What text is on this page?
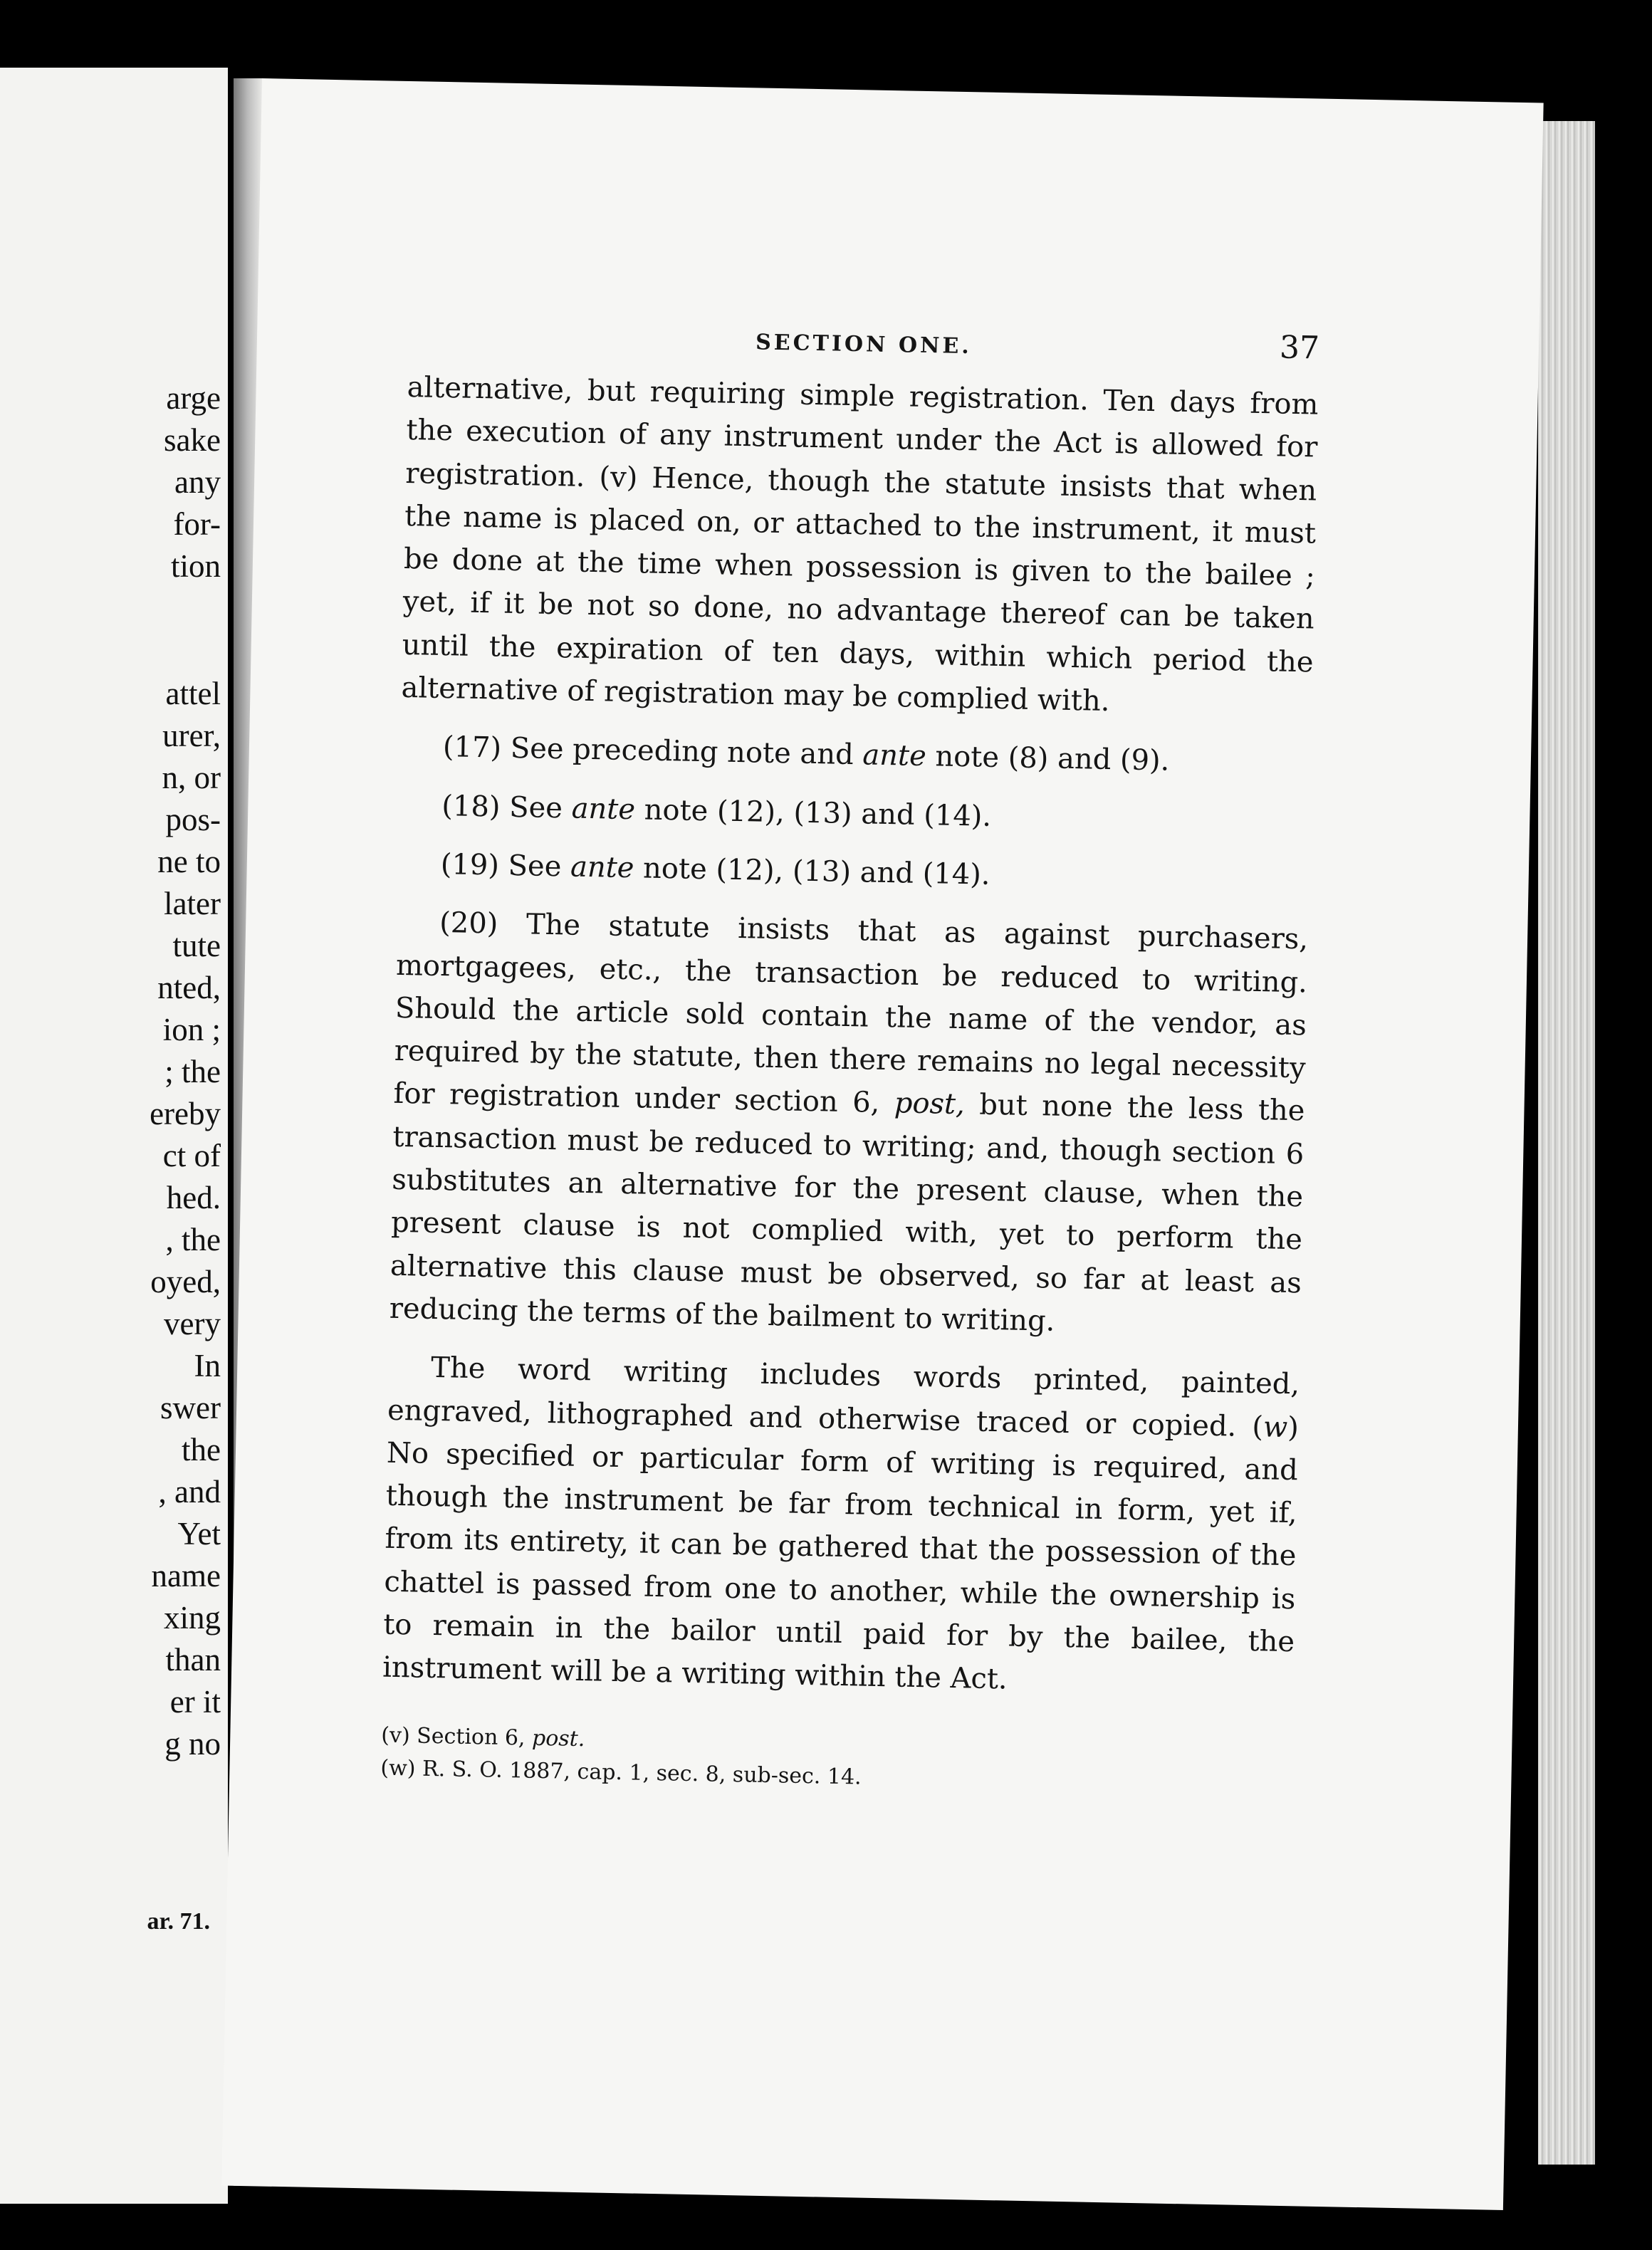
arge
sake
any
for-
tion
attel
urer,
n, or
pos-
ne to
later
tute
nted,
ion ;
; the
ereby
ct of
hed.
, the
oyed,
very
In
swer
the
, and
Yet
name
xing
than
er it
g no
ar. 71.
SECTION ONE.	37

alternative, but requiring simple registration. Ten days from the execution of any instrument under the Act is allowed for registration. (v) Hence, though the statute insists that when the name is placed on, or attached to the instrument, it must be done at the time when possession is given to the bailee ; yet, if it be not so done, no advantage thereof can be taken until the expiration of ten days, within which period the alternative of registration may be complied with.

(17) See preceding note and ante note (8) and (9).

(18) See ante note (12), (13) and (14).

(19) See ante note (12), (13) and (14).

(20) The statute insists that as against purchasers, mortgagees, etc., the transaction be reduced to writing. Should the article sold contain the name of the vendor, as required by the statute, then there remains no legal necessity for registration under section 6, post, but none the less the transaction must be reduced to writing; and, though section 6 substitutes an alternative for the present clause, when the present clause is not complied with, yet to perform the alternative this clause must be observed, so far at least as reducing the terms of the bailment to writing.

The word writing includes words printed, painted, engraved, lithographed and otherwise traced or copied. (w) No specified or particular form of writing is required, and though the instrument be far from technical in form, yet if, from its entirety, it can be gathered that the possession of the chattel is passed from one to another, while the ownership is to remain in the bailor until paid for by the bailee, the instrument will be a writing within the Act.

(v) Section 6, post.

(w) R. S. O. 1887, cap. 1, sec. 8, sub-sec. 14.
